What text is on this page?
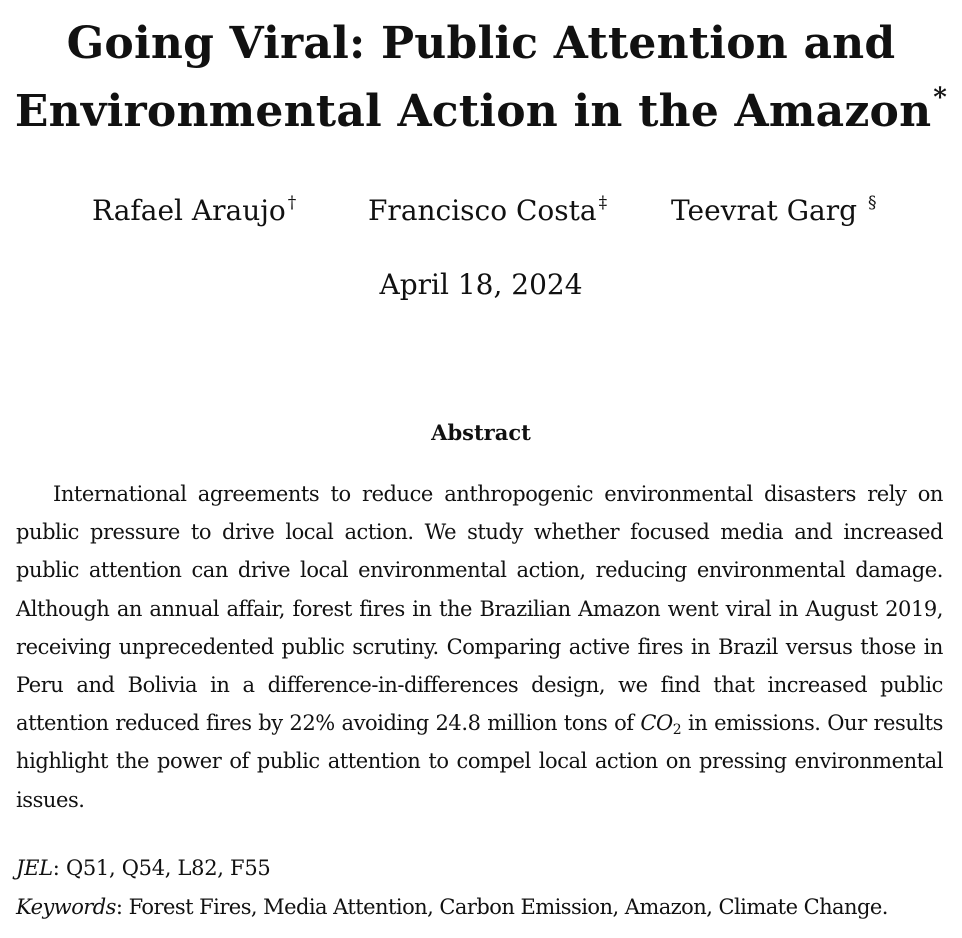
Going Viral: Public Attention and
Environmental Action in the Amazon*
Rafael Araujo †	Francisco Costa ‡ Teevrat Garg §
April 18, 2024
Abstract

International agreements to reduce anthropogenic environmental disasters rely on public pressure to drive local action. We study whether focused media and increased public attention can drive local environmental action, reducing environmental damage. Although an annual affair, forest fires in the Brazilian Amazon went viral in August 2019, receiving unprecedented public scrutiny. Comparing active fires in Brazil versus those in Peru and Bolivia in a difference-in-differences design, we find that increased public attention reduced fires by 22% avoiding 24.8 million tons of $CO_2$ in emissions. Our results highlight the power of public attention to compel local action on pressing environmental issues.

JEL: Q51, Q54, L82, F55
Keywords: Forest Fires, Media Attention, Carbon Emission, Amazon, Climate Change.
